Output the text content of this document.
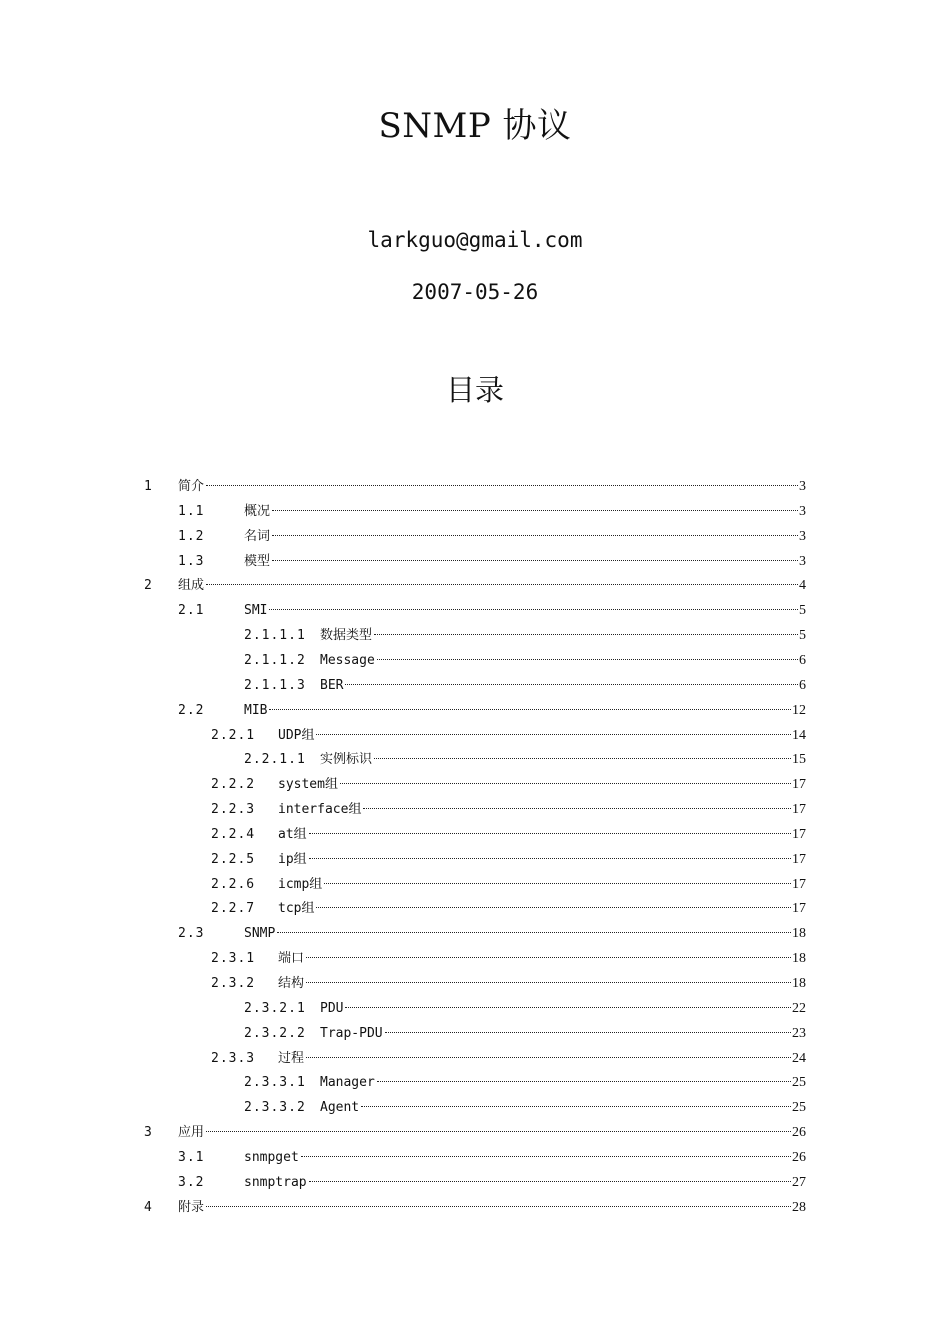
SNMP 协议
larkguo@gmail.com
2007-05-26
目录
1 简介	3
1.1	概况	3
1.2	名词	3
1.3	模型	3
2 组成	4
2.1	SMI	5
2.1.1.1 数据类型	5
2.1.1.2 Message	6
2.1.1.3 BER	6
2.2	MIB	12
2.2.1 UDP组	14
2.2.1.1 实例标识	15
2.2.2 system组	17
2.2.3 interface组	17
2.2.4 at组	17
2.2.5 ip组	17
2.2.6 icmp组	17
2.2.7 tcp组	17
2.3	SNMP	18
2.3.1 端口	18
2.3.2 结构	18
2.3.2.1 PDU	22
2.3.2.2 Trap-PDU	23
2.3.3 过程	24
2.3.3.1 Manager	25
2.3.3.2 Agent	25
3 应用	26
3.1	snmpget	26
3.2	snmptrap	27
4 附录	28
